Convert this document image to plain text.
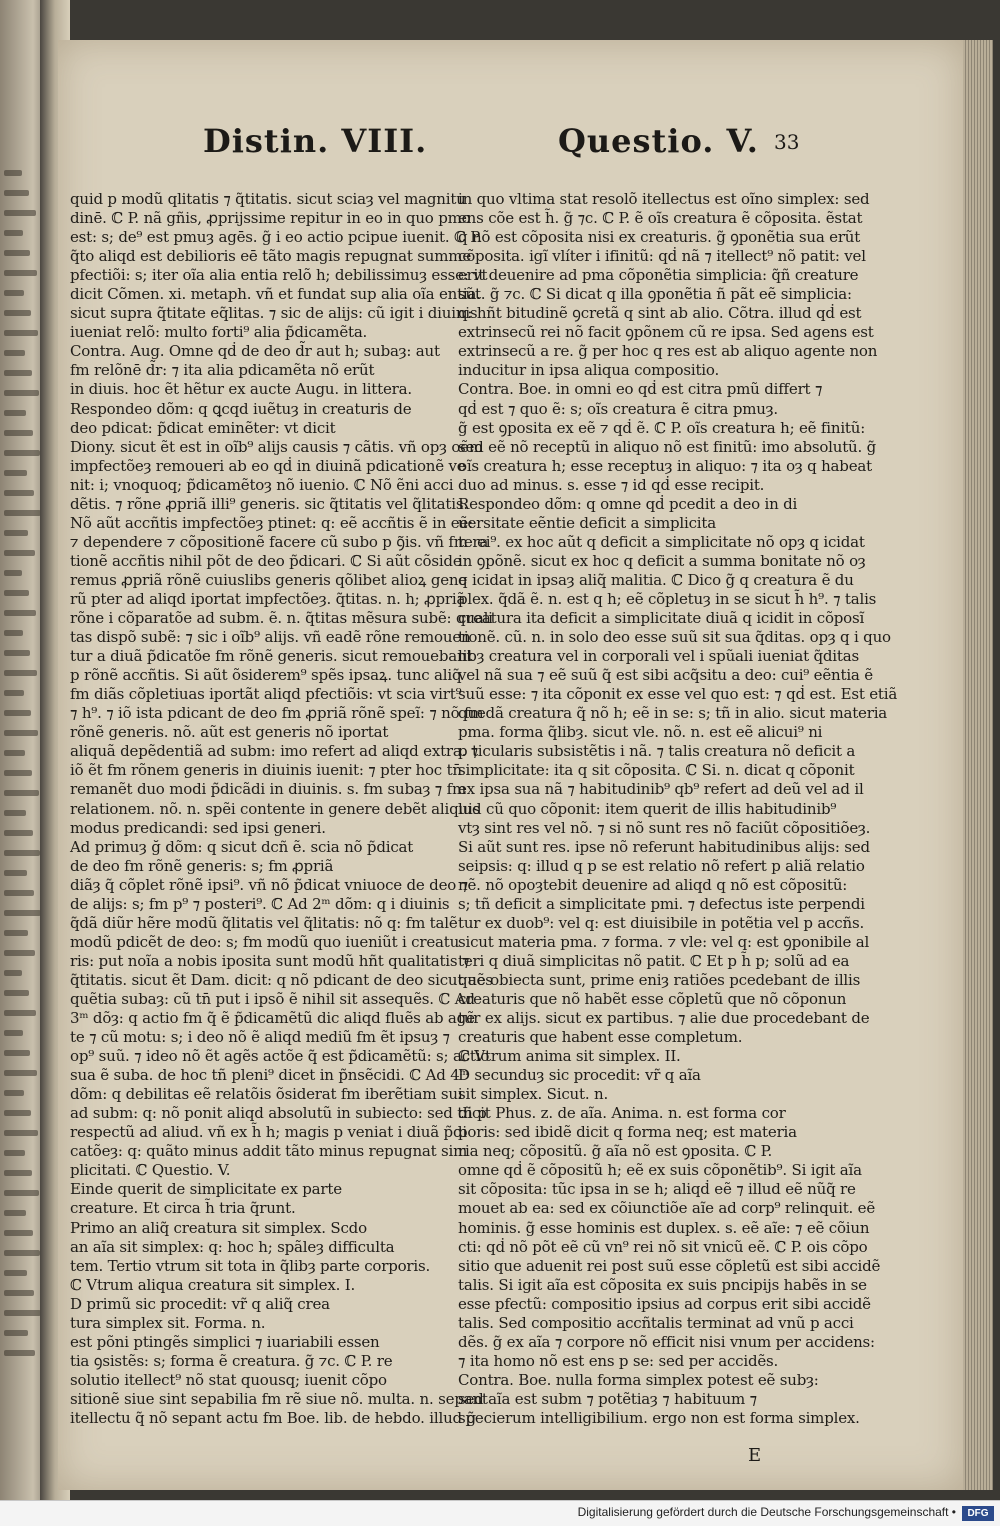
Distin. VIII.	Questio. V. 33
quid p modũ qlitatis ⁊ q̃titatis. sicut sciaȝ vel magnitu
dinē. ℂ P. nã gñis, ꝓprijssime repitur in eo in quo pmo
est: s; de⁹ est pmuȝ agēs. g̃ i eo actio pcipue iuenit. ℂ P.
q̃to aliqd est debilioris eē tãto magis repugnat summe
pfectiõi: s; iter oĩa alia entia relõ h; debilissimuȝ esse: vt
dicit Cõmen. xi. metaph. vñ et fundat sup alia oĩa entia.
sicut supra q̃titate eq̃litas. ⁊ sic de alijs: cũ igit i diuinis
iueniat relõ: multo forti⁹ alia p̃dicamẽta.
Contra. Aug. Omne qḋ de deo d̃r aut h; subaȝ: aut
fm relõnē d̃r: ⁊ ita alia pdicamẽta nõ erũt
in diuis. hoc ẽt hẽtur ex aucte Augu. in littera.
Respondeo dõm: q ꝗcqd iuẽtuȝ in creaturis de
deo pdicat: p̃dicat eminẽter: vt dicit
Diony. sicut ẽt est in oĩb⁹ alijs causis ⁊ cãtis. vñ opȝ oẽm
impfectõeȝ remoueri ab eo qḋ in diuinã pdicationẽ ve
nit: i; vnoquoq; p̃dicamẽtoȝ nõ iuenio. ℂ Nõ ẽni acci
dẽtis. ⁊ rõne ꝓpriã illi⁹ generis. sic q̃titatis vel q̃litatis.
Nõ aũt accñtis impfectõeȝ ptinet: q: eẽ accñtis ẽ in eẽ:
⁊ dependere ⁊ cõpositionẽ facere cũ subo p ꝯ̃is. vñ fm ra
tionẽ accñtis nihil põt de deo p̃dicari. ℂ Si aũt cõside
remus ꝓpriã rõnẽ cuiuslibs generis qõlibet alioꝝ gene
rũ pter ad aliqd iportat impfectõeȝ. q̃titas. n. h; ꝓpriã
rõne i cõparatõe ad subm. ẽ. n. q̃titas mẽsura subẽ: quali
tas dispõ subẽ: ⁊ sic i oĩb⁹ alijs. vñ eadẽ rõne remouen
tur a diuã p̃dicatõe fm rõnẽ generis. sicut remouebant
p rõnẽ accñtis. Si aũt õsiderem⁹ spẽs ipsaꝝ. tunc aliq̃
fm diãs cõpletiuas iportãt aliqd pfectiõis: vt scia virt⁹
⁊ h⁹. ⁊ iõ ista pdicant de deo fm ꝓpriã rõnẽ speĩ: ⁊ nõ fm
rõnẽ generis. nõ. aũt est generis nõ iportat
aliquã depẽdentiã ad subm: imo refert ad aliqd extra. ⁊
iõ ẽt fm rõnem generis in diuinis iuenit: ⁊ pter hoc tn̄
remanẽt duo modi p̃dicãdi in diuinis. s. fm subaȝ ⁊ fm
relationem. nõ. n. spẽi contente in genere debẽt aliquis
modus predicandi: sed ipsi generi.
Ad primuȝ ğ dõm: q sicut dcñ ẽ. scia nõ p̃dicat
de deo fm rõnẽ generis: s; fm ꝓpriã
diãȝ q̃ cõplet rõnẽ ipsi⁹. vñ nõ p̃dicat vniuoce de deo ⁊
de alijs: s; fm p⁹ ⁊ posteri⁹. ℂ Ad 2ᵐ dõm: q i diuinis
q̃dã diũr hẽre modũ q̃litatis vel q̃litatis: nõ q: fm talẽ
modũ pdicẽt de deo: s; fm modũ quo iueniũt i creatu
ris: put noĩa a nobis iposita sunt modũ hñt qualitatis ⁊
q̃titatis. sicut ẽt Dam. dicit: q nõ pdicant de deo sicut aẽs
quẽtia subaȝ: cũ tn̄ put i ipsõ ẽ nihil sit assequẽs. ℂ Ad
3ᵐ dõȝ: q actio fm q̃ ẽ p̃dicamẽtũ dic aliqd fluẽs ab agẽ
te ⁊ cũ motu: s; i deo nõ ẽ aliqd mediũ fm ẽt ipsuȝ ⁊
op⁹ suũ. ⁊ ideo nõ ẽt agẽs actõe q̃ est p̃dicamẽtũ: s; actio
sua ẽ suba. de hoc tñ pleni⁹ dicet in p̃nsẽcidi. ℂ Ad 4ᵐ
dõm: q debilitas eẽ relatõis õsiderat fm iberẽtiam sui
ad subm: q: nõ ponit aliqd absolutũ in subiecto: sed tñ p
respectũ ad aliud. vñ ex h̃ h; magis p veniat i diuã p̃di
catõeȝ: q: quãto minus addit tãto minus repugnat sim
plicitati. ℂ Questio. V.
Einde querit de simplicitate ex parte
creature. Et circa h̃ tria q̃runt.
Primo an aliq̃ creatura sit simplex. Scdo
an aĩa sit simplex: q: hoc h; spãleȝ difficulta
tem. Tertio vtrum sit tota in q̃libȝ parte corporis.
ℂ Vtrum aliqua creatura sit simplex. I.
D primũ sic procedit: vr̃ q aliq̃ crea
tura simplex sit. Forma. n.
est põni ptingẽs simplici ⁊ iuariabili essen
tia ꝯsistẽs: s; forma ẽ creatura. g̃ ⁊c. ℂ P. re
solutio itellect⁹ nõ stat quousq; iuenit cõpo
sitionẽ siue sint sepabilia fm rẽ siue nõ. multa. n. sepant
itellectu q̃ nõ sepant actu fm Boe. lib. de hebdo. illud g̃
in quo vltima stat resolõ itellectus est oĩno simplex: sed
ens cõe est h̃. g̃ ⁊c. ℂ P. ẽ oĩs creatura ẽ cõposita. ẽstat
q nõ est cõposita nisi ex creaturis. g̃ ꝯponẽtia sua erũt
cõposita. igĩ vlíter i ifinitũ: qḋ nã ⁊ itellect⁹ nõ patit: vel
erit deuenire ad pma cõponẽtia simplicia: q̃ñ creature
sũt. g̃ ⁊c. ℂ Si dicat q illa ꝯponẽtia ñ pãt eẽ simplicia:
q: hñt bitudinẽ ꝯcretã q sint ab alio. Cõtra. illud qḋ est
extrinsecũ rei nõ facit ꝯpõnem cũ re ipsa. Sed agens est
extrinsecũ a re. g̃ per hoc q res est ab aliquo agente non
inducitur in ipsa aliqua compositio.
Contra. Boe. in omni eo qḋ est citra pmũ differt ⁊
qḋ est ⁊ quo ẽ: s; oĩs creatura ẽ citra pmuȝ.
g̃ est ꝯposita ex eẽ ⁊ qḋ ẽ. ℂ P. oĩs creatura h; eẽ finitũ:
sed eẽ nõ receptũ in aliquo nõ est finitũ: imo absolutũ. g̃
oĩs creatura h; esse receptuȝ in aliquo: ⁊ ita oȝ q habeat
duo ad minus. s. esse ⁊ id qḋ esse recipit.
Respondeo dõm: q omne qḋ pcedit a deo in di
uersitate eẽntie deficit a simplicita
te ei⁹. ex hoc aũt q deficit a simplicitate nõ opȝ q icidat
in ꝯpõnẽ. sicut ex hoc q deficit a summa bonitate nõ oȝ
q icidat in ipsaȝ aliq̃ malitia. ℂ Dico g̃ q creatura ẽ du
plex. q̃dã ẽ. n. est q h; eẽ cõpletuȝ in se sicut h̃ h⁹. ⁊ talis
creatura ita deficit a simplicitate diuã q icidit in cõposĩ
tionẽ. cũ. n. in solo deo esse suũ sit sua q̃ditas. opȝ q i quo
libȝ creatura vel in corporali vel i spũali iueniat q̃ditas
vel nã sua ⁊ eẽ suũ q̃ est sibi acq̃situ a deo: cui⁹ eẽntia ẽ
suũ esse: ⁊ ita cõponit ex esse vel quo est: ⁊ qḋ est. Est etiã
quedã creatura q̃ nõ h; eẽ in se: s; tñ in alio. sicut materia
pma. forma q̃libȝ. sicut vle. nõ. n. est eẽ alicui⁹ ni
p ticularis subsistẽtis i nã. ⁊ talis creatura nõ deficit a
simplicitate: ita q sit cõposita. ℂ Si. n. dicat q cõponit
ex ipsa sua nã ⁊ habitudinib⁹ qb⁹ refert ad deũ vel ad il
lud cũ quo cõponit: item querit de illis habitudinib⁹
vtȝ sint res vel nõ. ⁊ si nõ sunt res nõ faciũt cõpositiõeȝ.
Si aũt sunt res. ipse nõ referunt habitudinibus alijs: sed
seipsis: q: illud q p se est relatio nõ refert p aliã relatio
nẽ. nõ opoȝtebit deuenire ad aliqd q nõ est cõpositũ:
s; tñ deficit a simplicitate pmi. ⁊ defectus iste perpendi
tur ex duob⁹: vel q: est diuisibile in potẽtia vel p accñs.
sicut materia pma. ⁊ forma. ⁊ vle: vel q: est ꝯponibile al
teri q diuã simplicitas nõ patit. ℂ Et p h̃ p; solũ ad ea
que obiecta sunt, prime eniȝ ratiões pcedebant de illis
creaturis que nõ habẽt esse cõpletũ que nõ cõponun
tur ex alijs. sicut ex partibus. ⁊ alie due procedebant de
creaturis que habent esse completum.
ℂ Vtrum anima sit simplex. II.
D secunduȝ sic procedit: vr̃ q aĩa
sit simplex. Sicut. n.
dicit Phus. z. de aĩa. Anima. n. est forma cor
poris: sed ibidẽ dicit q forma neq; est materia
ria neq; cõpositũ. g̃ aĩa nõ est ꝯposita. ℂ P.
omne qḋ ẽ cõpositũ h; eẽ ex suis cõponẽtib⁹. Si igit aĩa
sit cõposita: tũc ipsa in se h; aliqḋ eẽ ⁊ illud eẽ nũq̃ re
mouet ab ea: sed ex cõiunctiõe aĩe ad corp⁹ relinquit. eẽ
hominis. g̃ esse hominis est duplex. s. eẽ aĩe: ⁊ eẽ cõiun
cti: qḋ nõ põt eẽ cũ vn⁹ rei nõ sit vnicũ eẽ. ℂ P. ois cõpo
sitio que aduenit rei post suũ esse cõpletũ est sibi accidẽ
talis. Si igit aĩa est cõposita ex suis pncipijs habẽs in se
esse pfectũ: compositio ipsius ad corpus erit sibi accidẽ
talis. Sed compositio accñtalis terminat ad vnũ p acci
dẽs. g̃ ex aĩa ⁊ corpore nõ efficit nisi vnum per accidens:
⁊ ita homo nõ est ens p se: sed per accidẽs.
Contra. Boe. nulla forma simplex potest eẽ subȝ:
sed aĩa est subm ⁊ potẽtiaȝ ⁊ habituum ⁊
specierum intelligibilium. ergo non est forma simplex.
E
Digitalisierung gefördert durch die Deutsche Forschungsgemeinschaft •	DFG
